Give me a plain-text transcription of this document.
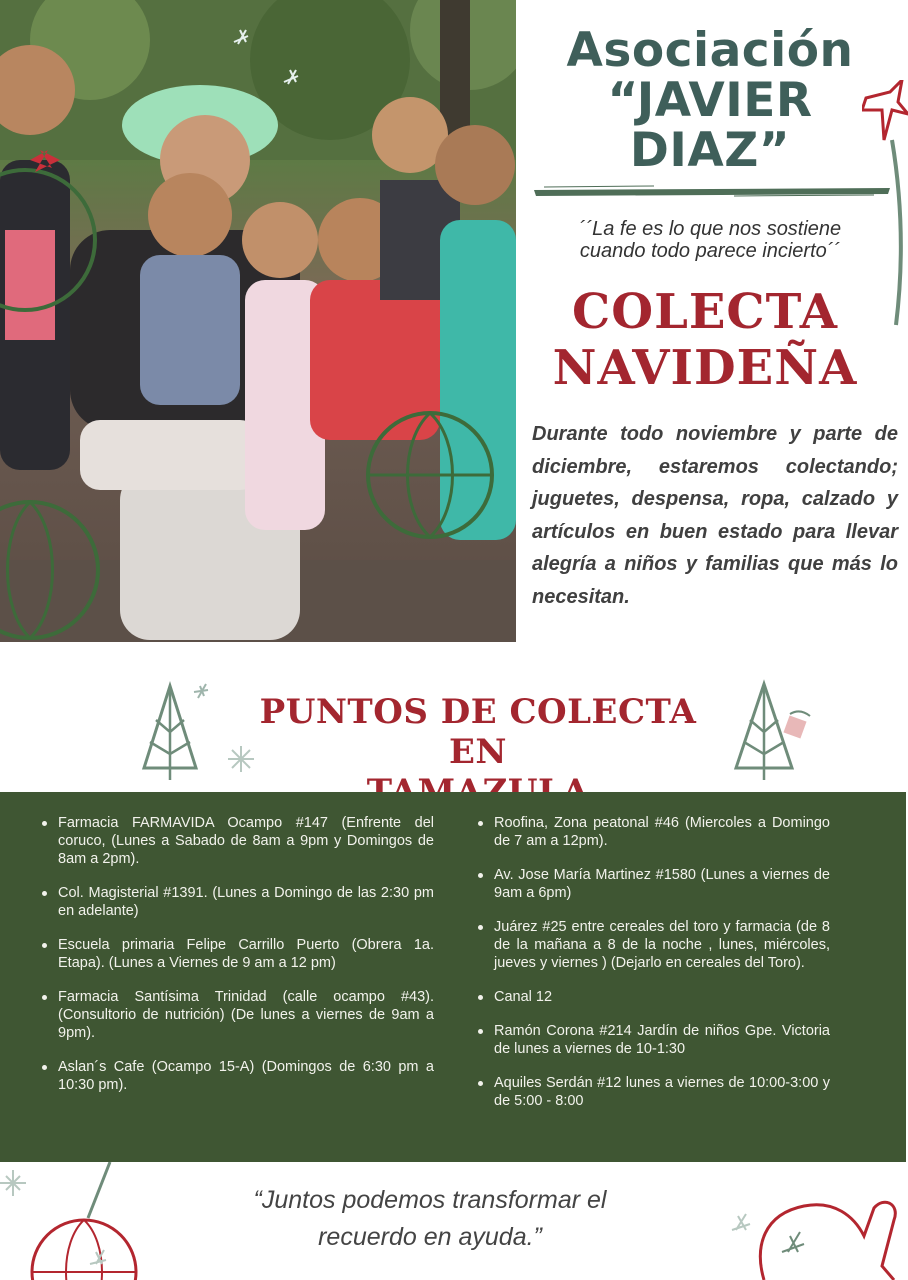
Asociación
“JAVIER
DIAZ”
´´La fe es lo que nos sostiene
cuando todo parece incierto´´
COLECTA
NAVIDEÑA

Durante todo noviembre y parte de diciembre, estaremos colectando; juguetes, despensa, ropa, calzado y artículos en buen estado para llevar alegría a niños y familias que más lo necesitan.

PUNTOS DE COLECTA EN
Farmacia FARMAVIDA Ocampo #147 (Enfrente del coruco, (Lunes a Sabado de 8am a 9pm y Domingos de 8am a 2pm).
Col. Magisterial #1391. (Lunes a Domingo de las 2:30 pm en adelante)
Escuela primaria Felipe Carrillo Puerto (Obrera 1a. Etapa). (Lunes a Viernes de 9 am a 12 pm)
Farmacia Santísima Trinidad (calle ocampo #43). (Consultorio de nutrición) (De lunes a viernes de 9am a 9pm).
Aslan´s Cafe (Ocampo 15-A) (Domingos de 6:30 pm a 10:30 pm).
Roofina, Zona peatonal #46 (Miercoles a Domingo de 7 am a 12pm).
Av. Jose María Martinez #1580 (Lunes a viernes de 9am a 6pm)
Juárez #25 entre cereales del toro y farmacia (de 8 de la mañana a 8 de la noche , lunes, miércoles, jueves y viernes ) (Dejarlo en cereales del Toro).
Canal 12
Ramón Corona #214 Jardín de niños Gpe. Victoria de lunes a viernes de 10-1:30
Aquiles Serdán #12 lunes a viernes de 10:00-3:00 y de 5:00 - 8:00
“Juntos podemos transformar el
recuerdo en ayuda.”
